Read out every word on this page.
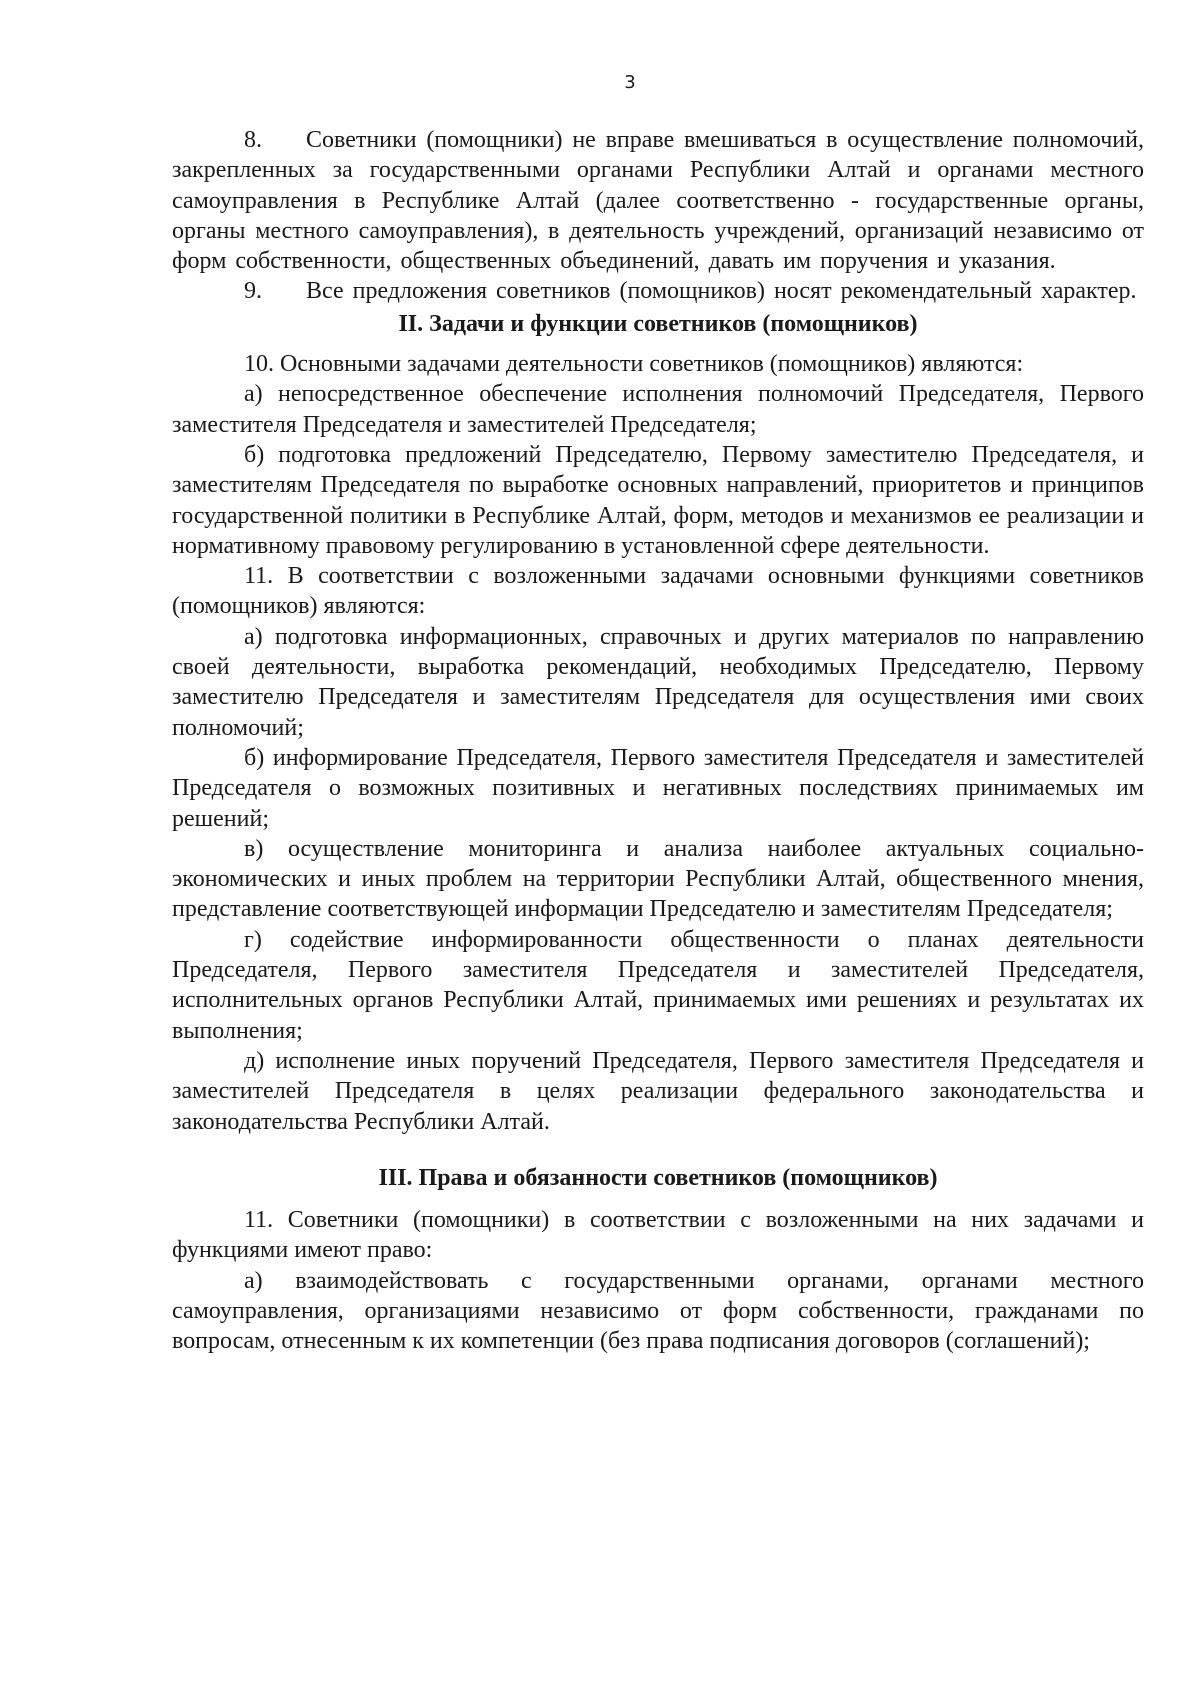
3

8. Советники (помощники) не вправе вмешиваться в осуществление полномочий, закрепленных за государственными органами Республики Алтай и органами местного самоуправления в Республике Алтай (далее соответственно - государственные органы, органы местного самоуправления), в деятельность учреждений, организаций независимо от форм собственности, общественных объединений, давать им поручения и указания.

9. Все предложения советников (помощников) носят рекомендательный характер.

II. Задачи и функции советников (помощников)

10. Основными задачами деятельности советников (помощников) являются:

а) непосредственное обеспечение исполнения полномочий Председателя, Первого заместителя Председателя и заместителей Председателя;

б) подготовка предложений Председателю, Первому заместителю Председателя, и заместителям Председателя по выработке основных направлений, приоритетов и принципов государственной политики в Республике Алтай, форм, методов и механизмов ее реализации и нормативному правовому регулированию в установленной сфере деятельности.

11. В соответствии с возложенными задачами основными функциями советников (помощников) являются:

а) подготовка информационных, справочных и других материалов по направлению своей деятельности, выработка рекомендаций, необходимых Председателю, Первому заместителю Председателя и заместителям Председателя для осуществления ими своих полномочий;

б) информирование Председателя, Первого заместителя Председателя и заместителей Председателя о возможных позитивных и негативных последствиях принимаемых им решений;

в) осуществление мониторинга и анализа наиболее актуальных социально-экономических и иных проблем на территории Республики Алтай, общественного мнения, представление соответствующей информации Председателю и заместителям Председателя;

г) содействие информированности общественности о планах деятельности Председателя, Первого заместителя Председателя и заместителей Председателя, исполнительных органов Республики Алтай, принимаемых ими решениях и результатах их выполнения;

д) исполнение иных поручений Председателя, Первого заместителя Председателя и заместителей Председателя в целях реализации федерального законодательства и законодательства Республики Алтай.

III. Права и обязанности советников (помощников)

11. Советники (помощники) в соответствии с возложенными на них задачами и функциями имеют право:

а) взаимодействовать с государственными органами, органами местного самоуправления, организациями независимо от форм собственности, гражданами по вопросам, отнесенным к их компетенции (без права подписания договоров (соглашений);
